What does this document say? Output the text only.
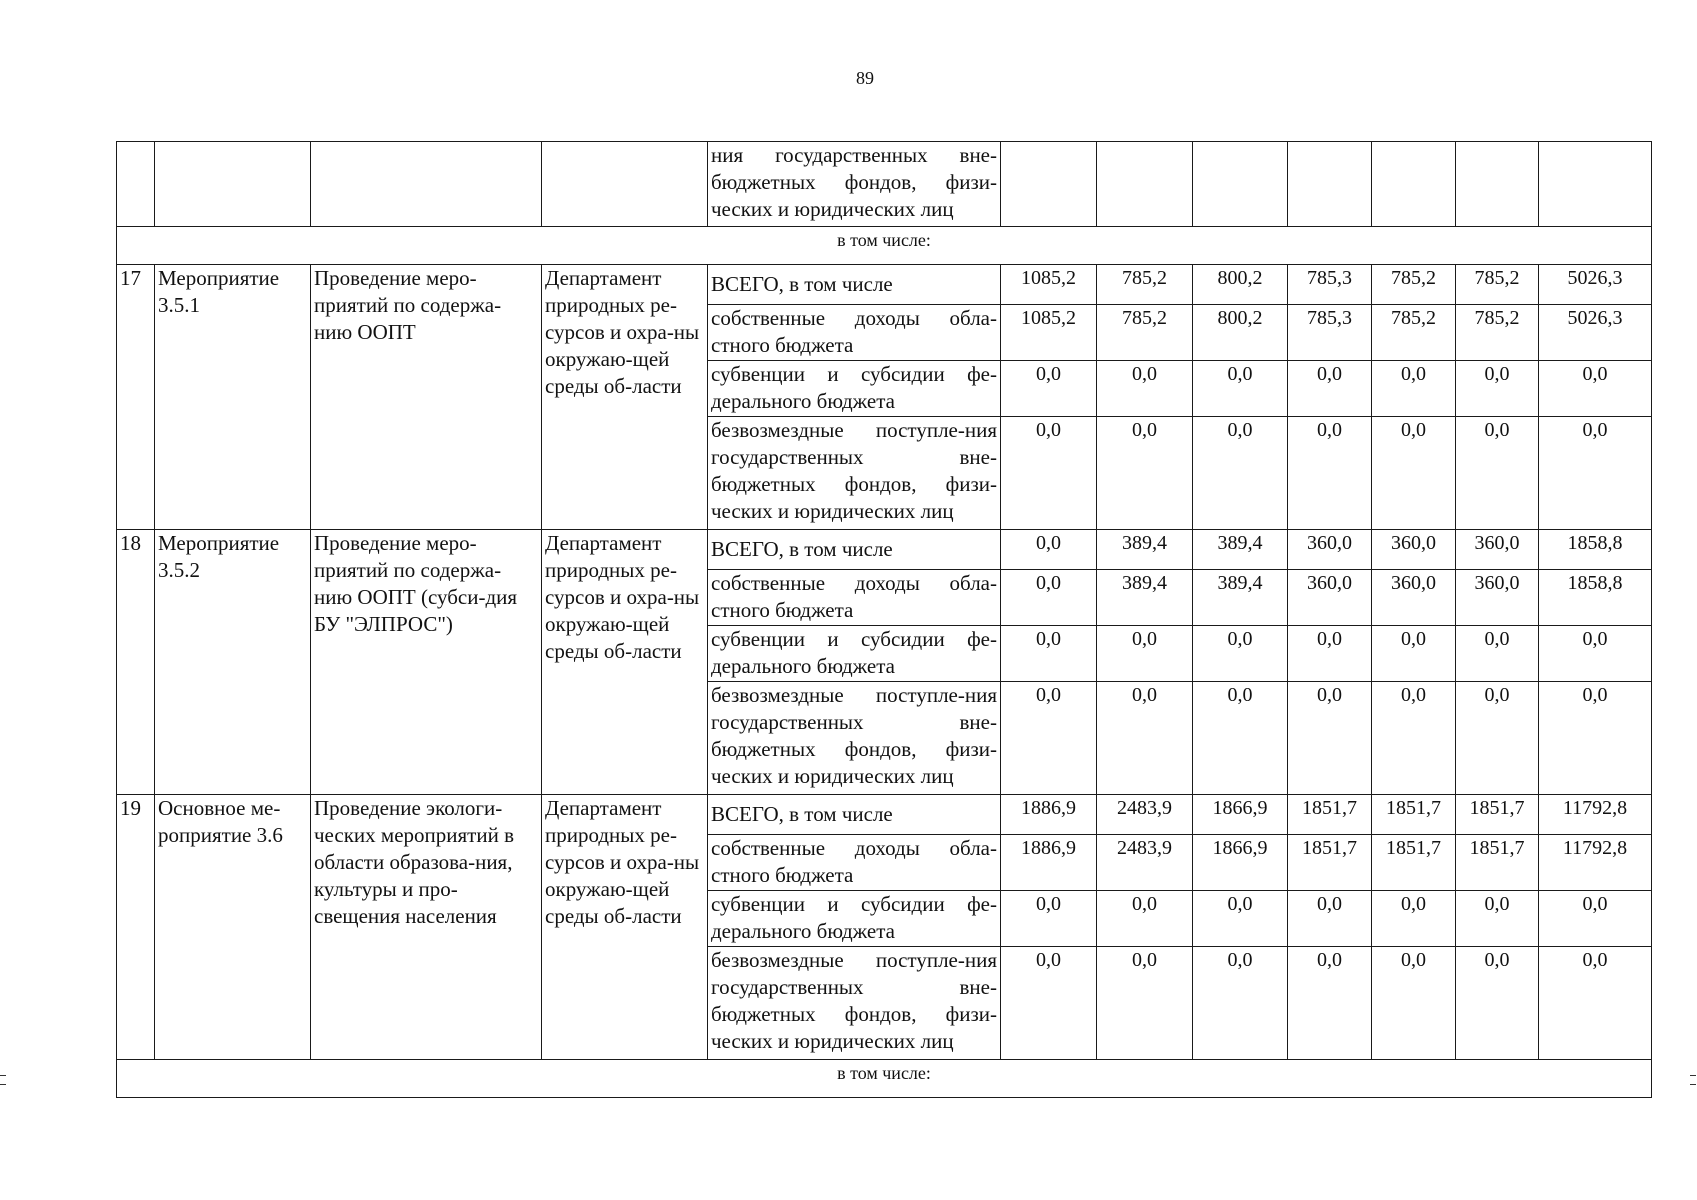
89
				ния государственных вне-бюджетных фондов, физи-ческих и юридических лиц							
в том числе:											
17	Мероприятие 3.5.1	Проведение меро-приятий по содержа-нию ООПТ	Департамент природных ре-сурсов и охра-ны окружаю-щей среды об-ласти	ВСЕГО, в том числе	1085,2	785,2	800,2	785,3	785,2	785,2	5026,3
				собственные доходы обла-стного бюджета	1085,2	785,2	800,2	785,3	785,2	785,2	5026,3
				субвенции и субсидии фе-дерального бюджета	0,0	0,0	0,0	0,0	0,0	0,0	0,0
				безвозмездные поступле-ния государственных вне-бюджетных фондов, физи-ческих и юридических лиц	0,0	0,0	0,0	0,0	0,0	0,0	0,0
18	Мероприятие 3.5.2	Проведение меро-приятий по содержа-нию ООПТ (субси-дия БУ "ЭЛПРОС")	Департамент природных ре-сурсов и охра-ны окружаю-щей среды об-ласти	ВСЕГО, в том числе	0,0	389,4	389,4	360,0	360,0	360,0	1858,8
				собственные доходы обла-стного бюджета	0,0	389,4	389,4	360,0	360,0	360,0	1858,8
				субвенции и субсидии фе-дерального бюджета	0,0	0,0	0,0	0,0	0,0	0,0	0,0
				безвозмездные поступле-ния государственных вне-бюджетных фондов, физи-ческих и юридических лиц	0,0	0,0	0,0	0,0	0,0	0,0	0,0
19	Основное ме-роприятие 3.6	Проведение экологи-ческих мероприятий в области образова-ния, культуры и про-свещения населения	Департамент природных ре-сурсов и охра-ны окружаю-щей среды об-ласти	ВСЕГО, в том числе	1886,9	2483,9	1866,9	1851,7	1851,7	1851,7	11792,8
				собственные доходы обла-стного бюджета	1886,9	2483,9	1866,9	1851,7	1851,7	1851,7	11792,8
				субвенции и субсидии фе-дерального бюджета	0,0	0,0	0,0	0,0	0,0	0,0	0,0
				безвозмездные поступле-ния государственных вне-бюджетных фондов, физи-ческих и юридических лиц	0,0	0,0	0,0	0,0	0,0	0,0	0,0
в том числе:											
